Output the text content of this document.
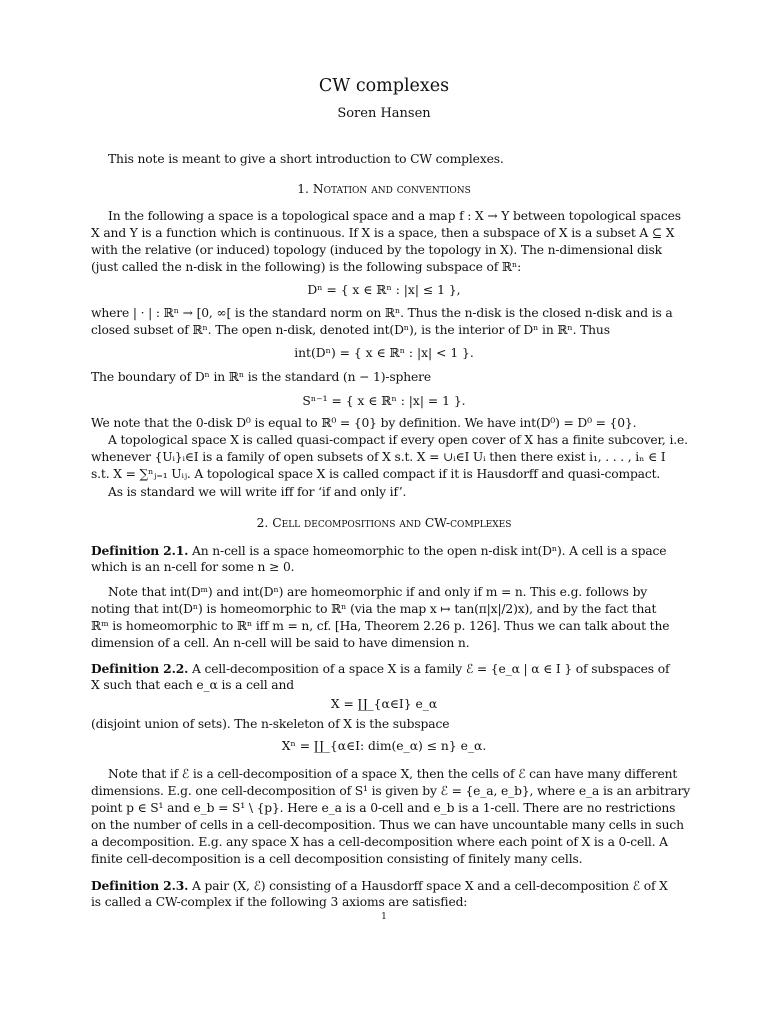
CW complexes
Soren Hansen
This note is meant to give a short introduction to CW complexes.
1. Notation and conventions
In the following a space is a topological space and a map f : X → Y between topological spaces
X and Y is a function which is continuous. If X is a space, then a subspace of X is a subset A ⊆ X
with the relative (or induced) topology (induced by the topology in X). The n-dimensional disk
(just called the n-disk in the following) is the following subspace of ℝⁿ:
Dⁿ = { x ∈ ℝⁿ : |x| ≤ 1 },
where | · | : ℝⁿ → [0, ∞[ is the standard norm on ℝⁿ. Thus the n-disk is the closed n-disk and is a
closed subset of ℝⁿ. The open n-disk, denoted int(Dⁿ), is the interior of Dⁿ in ℝⁿ. Thus
int(Dⁿ) = { x ∈ ℝⁿ : |x| < 1 }.
The boundary of Dⁿ in ℝⁿ is the standard (n − 1)-sphere
Sⁿ⁻¹ = { x ∈ ℝⁿ : |x| = 1 }.
We note that the 0-disk D⁰ is equal to ℝ⁰ = {0} by definition. We have int(D⁰) = D⁰ = {0}.
A topological space X is called quasi-compact if every open cover of X has a finite subcover, i.e.
whenever {Uᵢ}ᵢ∈I is a family of open subsets of X s.t. X = ∪ᵢ∈I Uᵢ then there exist i₁, . . . , iₙ ∈ I
s.t. X = ∑ⁿⱼ₌₁ Uᵢⱼ. A topological space X is called compact if it is Hausdorff and quasi-compact.
As is standard we will write iff for ‘if and only if’.
2. Cell decompositions and CW-complexes
Definition 2.1. An n-cell is a space homeomorphic to the open n-disk int(Dⁿ). A cell is a space
which is an n-cell for some n ≥ 0.
Note that int(Dᵐ) and int(Dⁿ) are homeomorphic if and only if m = n. This e.g. follows by
noting that int(Dⁿ) is homeomorphic to ℝⁿ (via the map x ↦ tan(π|x|/2)x), and by the fact that
ℝᵐ is homeomorphic to ℝⁿ iff m = n, cf. [Ha, Theorem 2.26 p. 126]. Thus we can talk about the
dimension of a cell. An n-cell will be said to have dimension n.
Definition 2.2. A cell-decomposition of a space X is a family ℰ = {e_α | α ∈ I } of subspaces of
X such that each e_α is a cell and
X = ∐_{α∈I} e_α
(disjoint union of sets). The n-skeleton of X is the subspace
Xⁿ = ∐_{α∈I: dim(e_α) ≤ n} e_α.
Note that if ℰ is a cell-decomposition of a space X, then the cells of ℰ can have many different
dimensions. E.g. one cell-decomposition of S¹ is given by ℰ = {e_a, e_b}, where e_a is an arbitrary
point p ∈ S¹ and e_b = S¹ \ {p}. Here e_a is a 0-cell and e_b is a 1-cell. There are no restrictions
on the number of cells in a cell-decomposition. Thus we can have uncountable many cells in such
a decomposition. E.g. any space X has a cell-decomposition where each point of X is a 0-cell. A
finite cell-decomposition is a cell decomposition consisting of finitely many cells.
Definition 2.3. A pair (X, ℰ) consisting of a Hausdorff space X and a cell-decomposition ℰ of X
is called a CW-complex if the following 3 axioms are satisfied:
1
